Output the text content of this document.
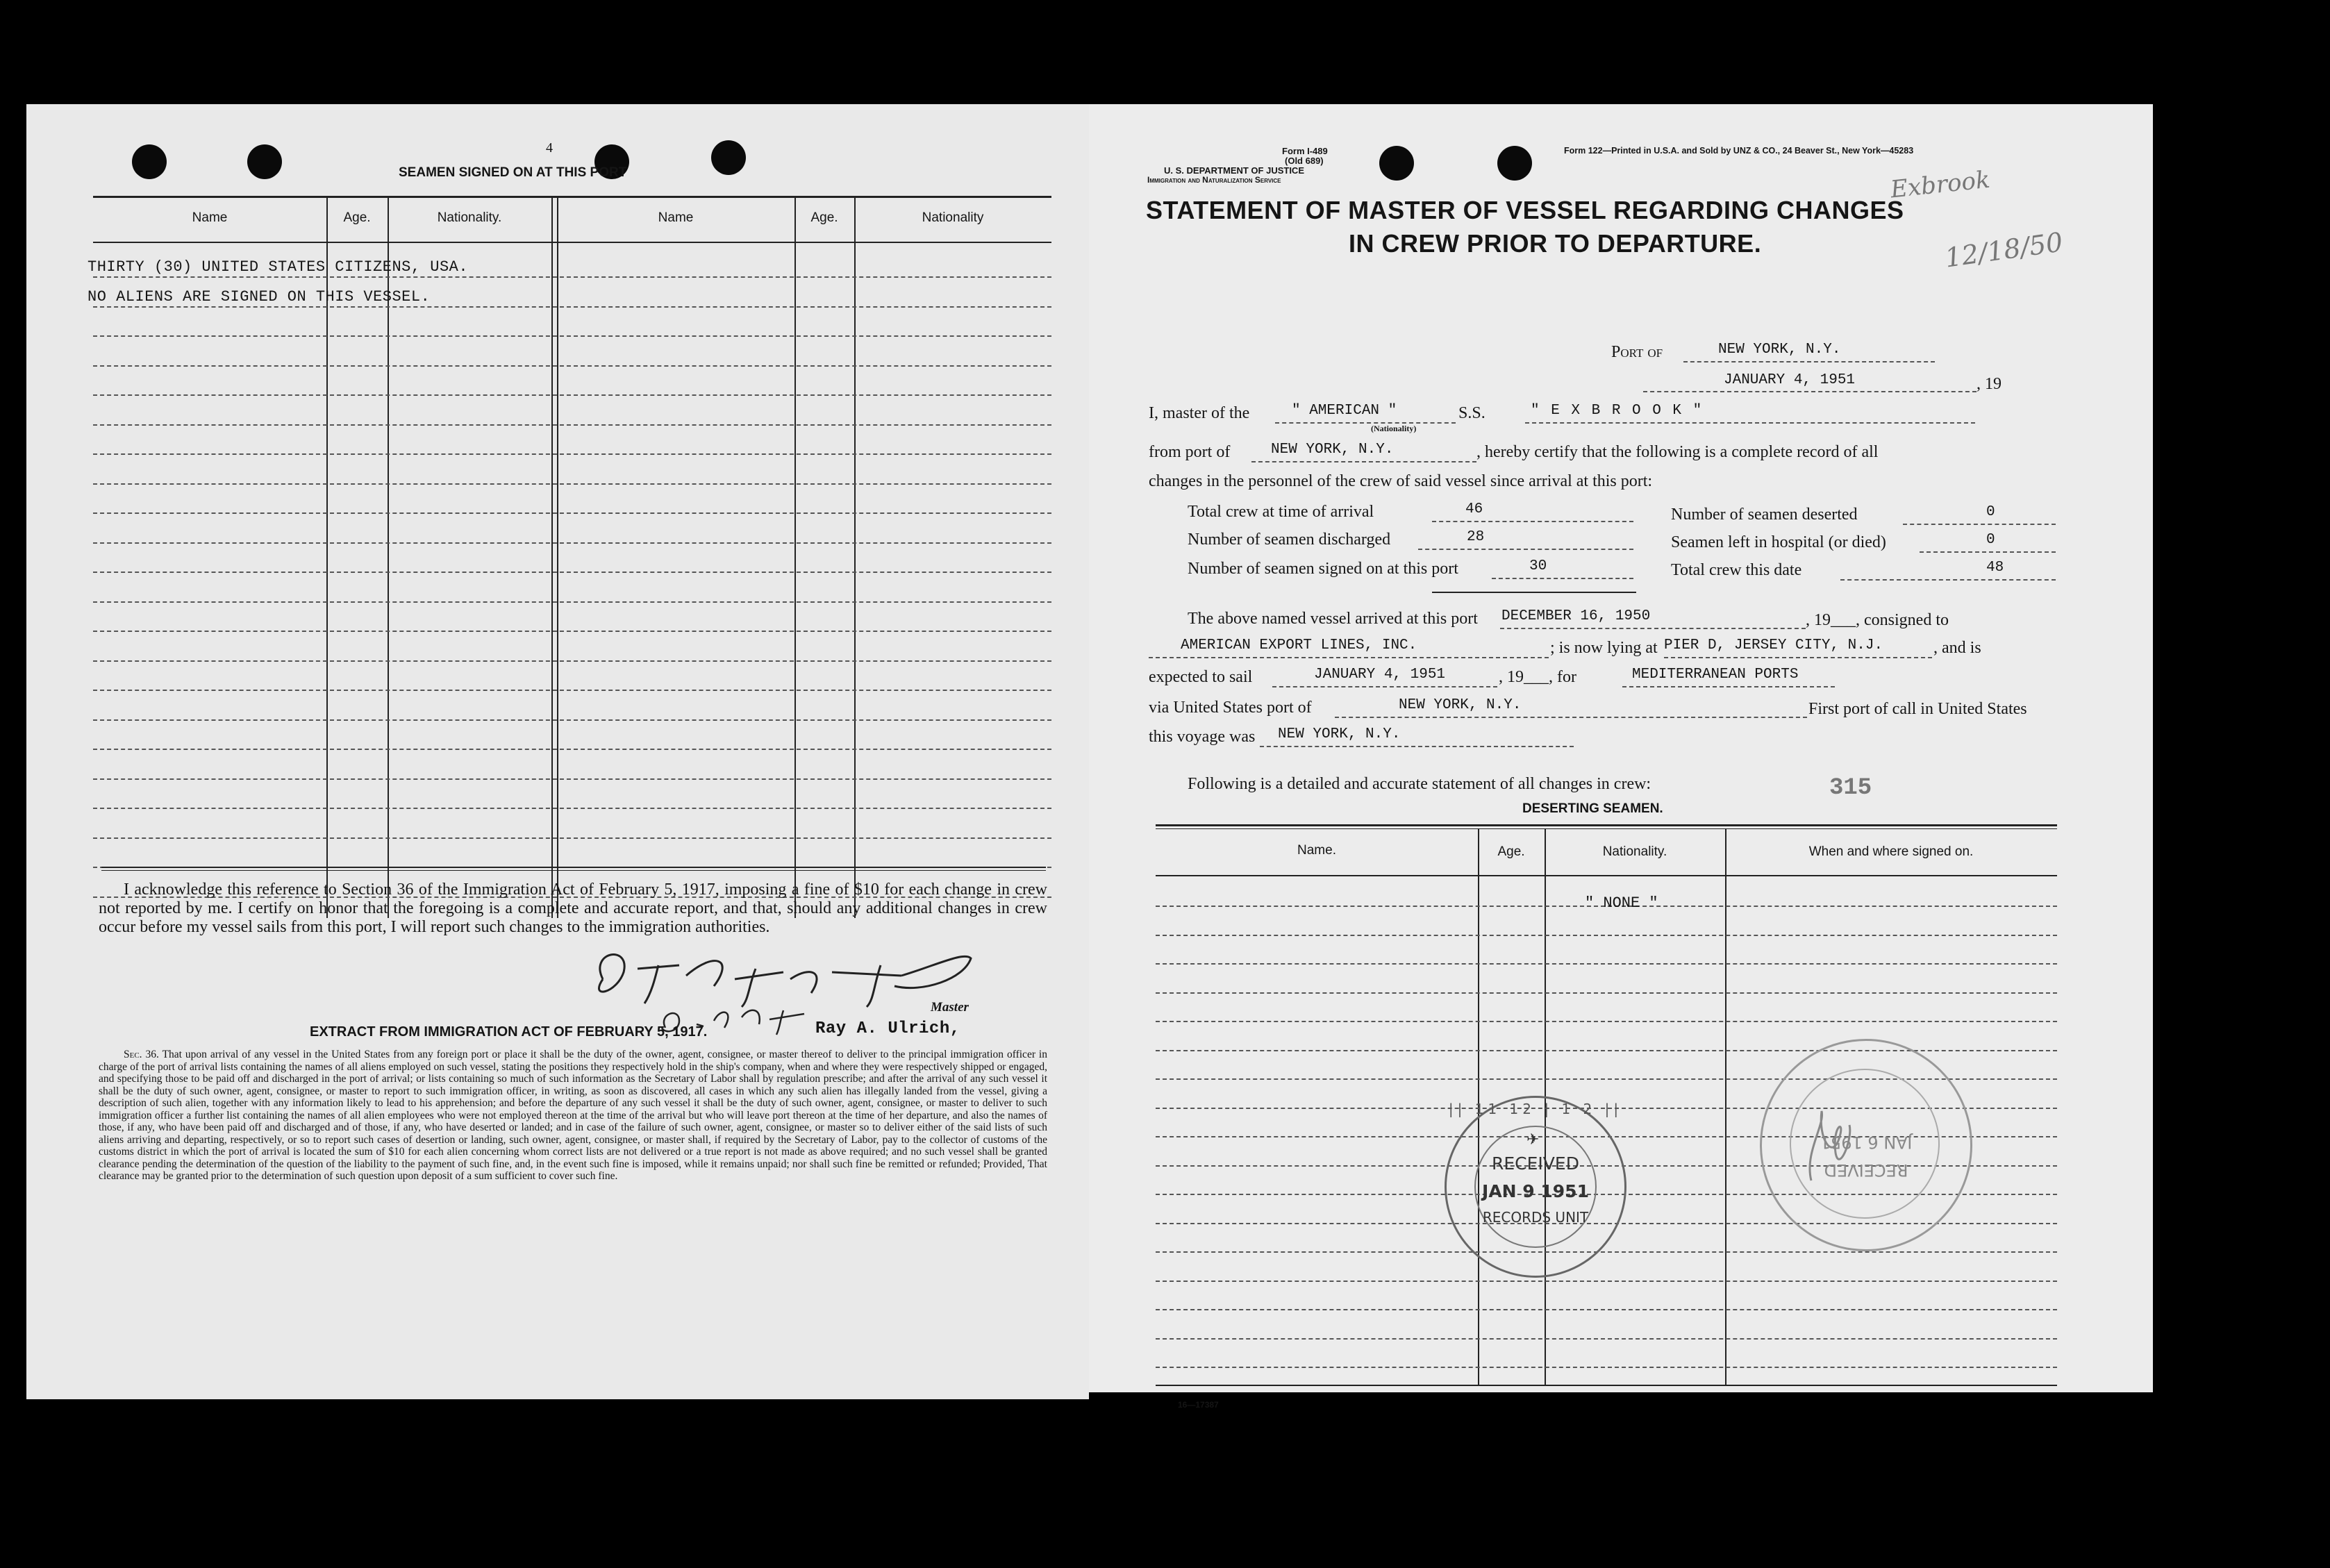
4
SEAMEN SIGNED ON AT THIS PORT
Name	Age.	Nationality.	Name	Age.	Nationality
THIRTY (30) UNITED STATES CITIZENS, USA.
NO ALIENS ARE SIGNED ON THIS VESSEL.
I acknowledge this reference to Section 36 of the Immigration Act of February 5, 1917, imposing a fine of $10 for each change in crew not reported by me. I certify on honor that the foregoing is a complete and accurate report, and that, should any additional changes in crew occur before my vessel sails from this port, I will report such changes to the immigration authorities.
Master
Ray A. Ulrich,
EXTRACT FROM IMMIGRATION ACT OF FEBRUARY 5, 1917.
Sec. 36. That upon arrival of any vessel in the United States from any foreign port or place it shall be the duty of the owner, agent, consignee, or master thereof to deliver to the principal immigration officer in charge of the port of arrival lists containing the names of all aliens employed on such vessel, stating the positions they respectively hold in the ship's company, when and where they were respectively shipped or engaged, and specifying those to be paid off and discharged in the port of arrival; or lists containing so much of such information as the Secretary of Labor shall by regulation prescribe; and after the arrival of any such vessel it shall be the duty of such owner, agent, consignee, or master to report to such immigration officer, in writing, as soon as discovered, all cases in which any such alien has illegally landed from the vessel, giving a description of such alien, together with any information likely to lead to his apprehension; and before the departure of any such vessel it shall be the duty of such owner, agent, consignee, or master to deliver to such immigration officer a further list containing the names of all alien employees who were not employed thereon at the time of the arrival but who will leave port thereon at the time of her departure, and also the names of those, if any, who have been paid off and discharged and of those, if any, who have deserted or landed; and in case of the failure of such owner, agent, consignee, or master so to deliver either of the said lists of such aliens arriving and departing, respectively, or so to report such cases of desertion or landing, such owner, agent, consignee, or master shall, if required by the Secretary of Labor, pay to the collector of customs of the customs district in which the port of arrival is located the sum of $10 for each alien concerning whom correct lists are not delivered or a true report is not made as above required; and no such vessel shall be granted clearance pending the determination of the question of the liability to the payment of such fine, and, in the event such fine is imposed, while it remains unpaid; nor shall such fine be remitted or refunded; Provided, That clearance may be granted prior to the determination of such question upon deposit of a sum sufficient to cover such fine.
Form I-489
(Old 689)
U. S. DEPARTMENT OF JUSTICE
Immigration and Naturalization Service
Form 122—Printed in U.S.A. and Sold by UNZ & CO., 24 Beaver St., New York—45283
Exbrook
12/18/50
STATEMENT OF MASTER OF VESSEL REGARDING CHANGES
IN CREW PRIOR TO DEPARTURE.
Port of	NEW YORK, N.Y.
JANUARY 4, 1951	, 19
I, master of the	" AMERICAN "
(Nationality)
S.S.	" E X B R O O K "
from port of	NEW YORK, N.Y.	, hereby certify that the following is a complete record of all
changes in the personnel of the crew of said vessel since arrival at this port:
Total crew at time of arrival	46
Number of seamen discharged	28
Number of seamen signed on at this port	30
Number of seamen deserted	0
Seamen left in hospital (or died)	0
Total crew this date	48
The above named vessel arrived at this port DECEMBER 16, 1950	, 19___, consigned to
AMERICAN EXPORT LINES, INC.	; is now lying at PIER D, JERSEY CITY, N.J.	, and is
expected to sail	JANUARY 4, 1951	, 19___, for	MEDITERRANEAN PORTS
via United States port of	NEW YORK, N.Y.	First port of call in United States
this voyage was NEW YORK, N.Y.
Following is a detailed and accurate statement of all changes in crew:	315
DESERTING SEAMEN.
Name.	Age.	Nationality.	When and where signed on.
" NONE "
|| 11 12 | 1 2 ||
✈
RECEIVED
JAN 9 1951
RECORDS UNIT
RECEIVED
JAN 6 1951
16—17387
